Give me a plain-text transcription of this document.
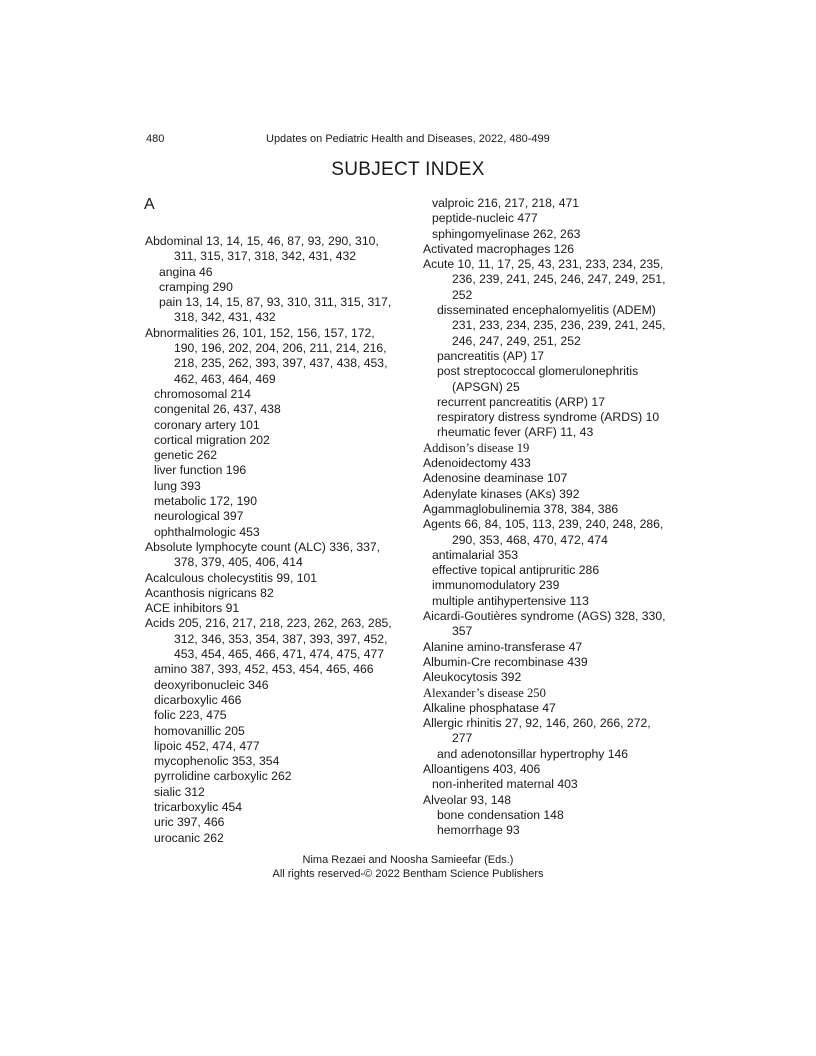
480	Updates on Pediatric Health and Diseases, 2022, 480-499
SUBJECT INDEX
A
Abdominal 13, 14, 15, 46, 87, 93, 290, 310,
311, 315, 317, 318, 342, 431, 432
angina 46
cramping 290
pain 13, 14, 15, 87, 93, 310, 311, 315, 317,
318, 342, 431, 432
Abnormalities 26, 101, 152, 156, 157, 172,
190, 196, 202, 204, 206, 211, 214, 216,
218, 235, 262, 393, 397, 437, 438, 453,
462, 463, 464, 469
chromosomal 214
congenital 26, 437, 438
coronary artery 101
cortical migration 202
genetic 262
liver function 196
lung 393
metabolic 172, 190
neurological 397
ophthalmologic 453
Absolute lymphocyte count (ALC) 336, 337,
378, 379, 405, 406, 414
Acalculous cholecystitis 99, 101
Acanthosis nigricans 82
ACE inhibitors 91
Acids 205, 216, 217, 218, 223, 262, 263, 285,
312, 346, 353, 354, 387, 393, 397, 452,
453, 454, 465, 466, 471, 474, 475, 477
amino 387, 393, 452, 453, 454, 465, 466
deoxyribonucleic 346
dicarboxylic 466
folic 223, 475
homovanillic 205
lipoic 452, 474, 477
mycophenolic 353, 354
pyrrolidine carboxylic 262
sialic 312
tricarboxylic 454
uric 397, 466
urocanic 262
valproic 216, 217, 218, 471
peptide-nucleic 477
sphingomyelinase 262, 263
Activated macrophages 126
Acute 10, 11, 17, 25, 43, 231, 233, 234, 235,
236, 239, 241, 245, 246, 247, 249, 251,
252
disseminated encephalomyelitis (ADEM)
231, 233, 234, 235, 236, 239, 241, 245,
246, 247, 249, 251, 252
pancreatitis (AP) 17
post streptococcal glomerulonephritis
(APSGN) 25
recurrent pancreatitis (ARP) 17
respiratory distress syndrome (ARDS) 10
rheumatic fever (ARF) 11, 43
Addison’s disease 19
Adenoidectomy 433
Adenosine deaminase 107
Adenylate kinases (AKs) 392
Agammaglobulinemia 378, 384, 386
Agents 66, 84, 105, 113, 239, 240, 248, 286,
290, 353, 468, 470, 472, 474
antimalarial 353
effective topical antipruritic 286
immunomodulatory 239
multiple antihypertensive 113
Aicardi-Goutières syndrome (AGS) 328, 330,
357
Alanine amino-transferase 47
Albumin-Cre recombinase 439
Aleukocytosis 392
Alexander’s disease 250
Alkaline phosphatase 47
Allergic rhinitis 27, 92, 146, 260, 266, 272,
277
and adenotonsillar hypertrophy 146
Alloantigens 403, 406
non-inherited maternal 403
Alveolar 93, 148
bone condensation 148
hemorrhage 93
Nima Rezaei and Noosha Samieefar (Eds.)
All rights reserved-© 2022 Bentham Science Publishers
